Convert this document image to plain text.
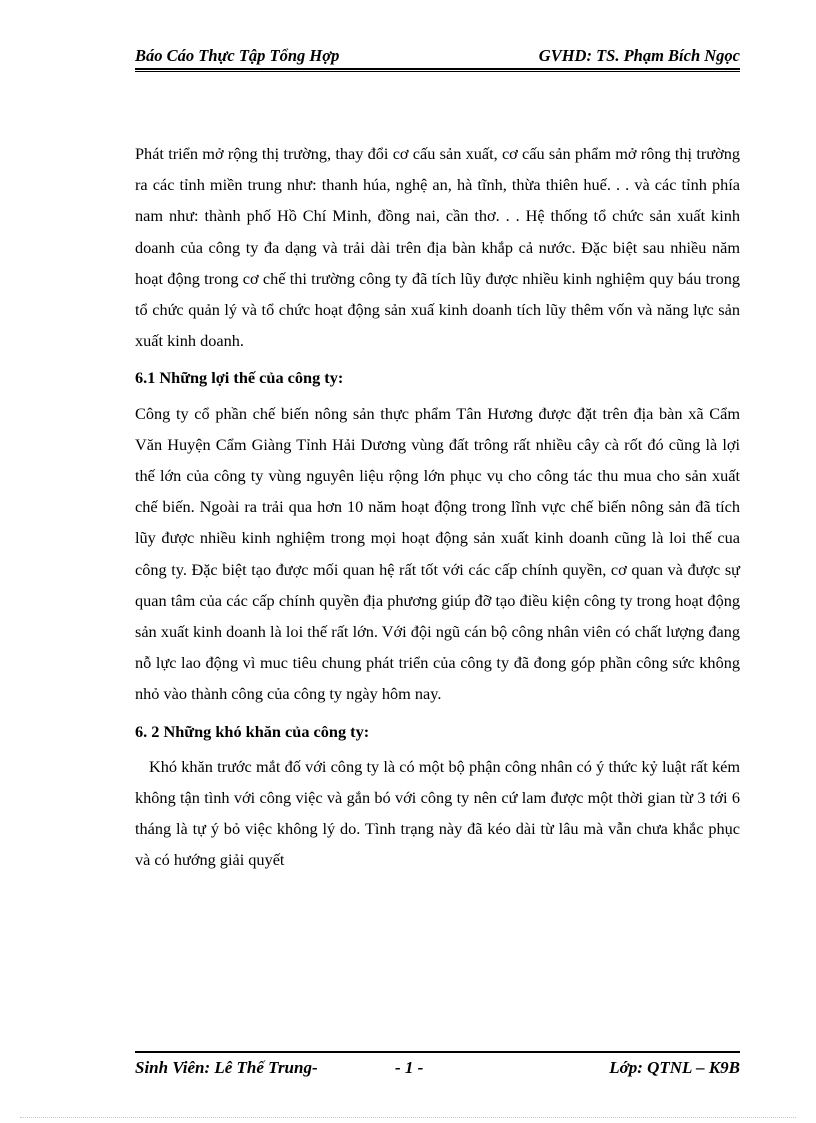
Báo Cáo Thực Tập Tổng Hợp	GVHD: TS. Phạm Bích Ngọc

Phát triển mở rộng thị trường, thay đổi cơ cấu sản xuất, cơ cấu sản phẩm mở rông thị trường ra các tỉnh miền trung như: thanh húa, nghệ an, hà tĩnh, thừa thiên huế. . . và các tỉnh phía nam như: thành phố Hồ Chí Minh, đồng nai, cần thơ. . . Hệ thống tổ chức sản xuất kinh doanh của công ty đa dạng và trải dài trên địa bàn khắp cả nước. Đặc biệt sau nhiều năm hoạt động trong cơ chế thi trường công ty đã tích lũy được nhiều kinh nghiệm quy báu trong tổ chức quản lý và tổ chức hoạt động sản xuấ kinh doanh tích lũy thêm vốn và năng lực sản xuất kinh doanh.

6.1 Những lợi thế của công ty:

Công ty cổ phần chế biến nông sản thực phẩm Tân Hương được đặt trên địa bàn xã Cẩm Văn Huyện Cẩm Giàng Tỉnh Hải Dương vùng đất trông rất nhiều cây cà rốt đó cũng là lợi thế lớn của công ty vùng nguyên liệu rộng lớn phục vụ cho công tác thu mua cho sản xuất chế biến. Ngoài ra trải qua hơn 10 năm hoạt động trong lĩnh vực chế biến nông sản đã tích lũy được nhiều kinh nghiệm trong mọi hoạt động sản xuất kinh doanh cũng là loi thế cua công ty. Đặc biệt tạo được mối quan hệ rất tốt với các cấp chính quyền, cơ quan và được sự quan tâm của các cấp chính quyền địa phương giúp đỡ tạo điều kiện công ty trong hoạt động sản xuất kinh doanh là loi thế rất lớn. Với đội ngũ cán bộ công nhân viên có chất lượng đang nỗ lực lao động vì muc tiêu chung phát triển của công ty đã đong góp phần công sức không nhỏ vào thành công của công ty ngày hôm nay.

6. 2 Những khó khăn của công ty:

Khó khăn trước mắt đố với công ty là có một bộ phận công nhân có ý thức kỷ luật rất kém không tận tình với công việc và gắn bó với công ty nên cứ lam được một thời gian từ 3 tới 6 tháng là tự ý bỏ việc không lý do. Tình trạng này đã kéo dài từ lâu mà vẫn chưa khắc phục và có hướng giải quyết

Sinh Viên: Lê Thế Trung-	- 1 -	Lớp: QTNL – K9B
